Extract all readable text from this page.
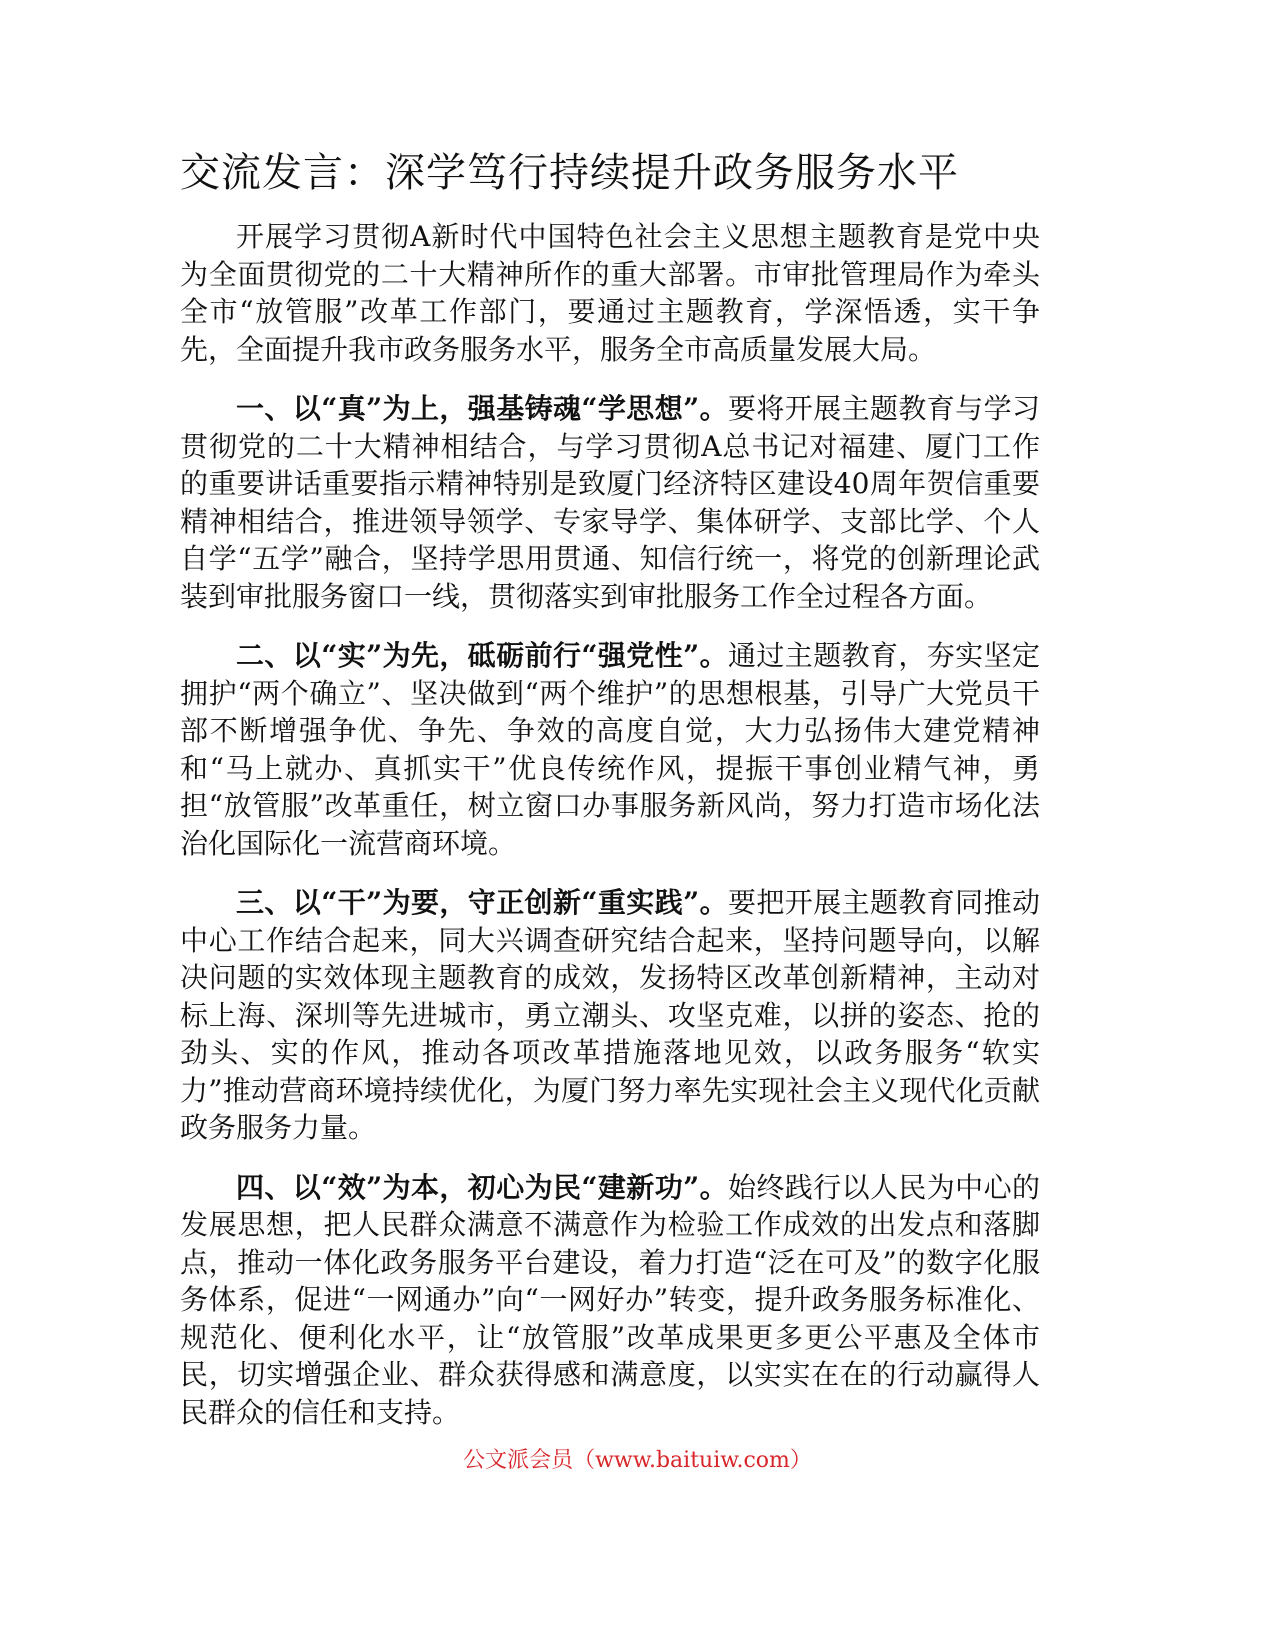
交流发言：深学笃行持续提升政务服务水平

开展学习贯彻A新时代中国特色社会主义思想主题教育是党中央为全面贯彻党的二十大精神所作的重大部署。市审批管理局作为牵头全市“放管服”改革工作部门，要通过主题教育，学深悟透，实干争先，全面提升我市政务服务水平，服务全市高质量发展大局。

一、以“真”为上，强基铸魂“学思想”。要将开展主题教育与学习贯彻党的二十大精神相结合，与学习贯彻A总书记对福建、厦门工作的重要讲话重要指示精神特别是致厦门经济特区建设40周年贺信重要精神相结合，推进领导领学、专家导学、集体研学、支部比学、个人自学“五学”融合，坚持学思用贯通、知信行统一，将党的创新理论武装到审批服务窗口一线，贯彻落实到审批服务工作全过程各方面。

二、以“实”为先，砥砺前行“强党性”。通过主题教育，夯实坚定拥护“两个确立”、坚决做到“两个维护”的思想根基，引导广大党员干部不断增强争优、争先、争效的高度自觉，大力弘扬伟大建党精神和“马上就办、真抓实干”优良传统作风，提振干事创业精气神，勇担“放管服”改革重任，树立窗口办事服务新风尚，努力打造市场化法治化国际化一流营商环境。

三、以“干”为要，守正创新“重实践”。要把开展主题教育同推动中心工作结合起来，同大兴调查研究结合起来，坚持问题导向，以解决问题的实效体现主题教育的成效，发扬特区改革创新精神，主动对标上海、深圳等先进城市，勇立潮头、攻坚克难，以拼的姿态、抢的劲头、实的作风，推动各项改革措施落地见效，以政务服务“软实力”推动营商环境持续优化，为厦门努力率先实现社会主义现代化贡献政务服务力量。

四、以“效”为本，初心为民“建新功”。始终践行以人民为中心的发展思想，把人民群众满意不满意作为检验工作成效的出发点和落脚点，推动一体化政务服务平台建设，着力打造“泛在可及”的数字化服务体系，促进“一网通办”向“一网好办”转变，提升政务服务标准化、规范化、便利化水平，让“放管服”改革成果更多更公平惠及全体市民，切实增强企业、群众获得感和满意度，以实实在在的行动赢得人民群众的信任和支持。

公文派会员（www.baituiw.com）
